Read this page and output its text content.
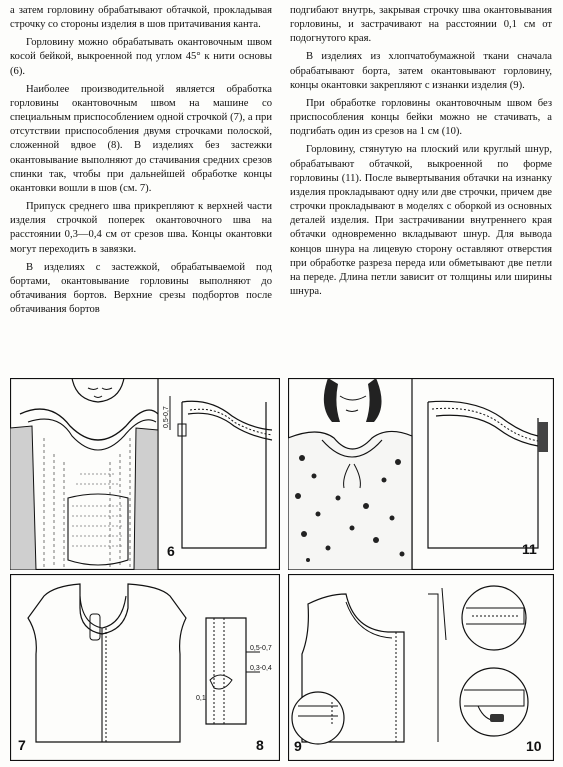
а затем горловину обрабатывают обтачкой, прокладывая строчку со стороны изделия в шов притачивания канта.

Горловину можно обрабатывать окантовочным швом косой бейкой, выкроенной под углом 45° к нити основы (6).

Наиболее производительной является обработка горловины окантовочным швом на машине со специальным приспособлением одной строчкой (7), а при отсутствии приспособления двумя строчками полоской, сложенной вдвое (8). В изделиях без застежки окантовывание выполняют до стачивания средних срезов спинки так, чтобы при дальнейшей обработке концы окантовки вошли в шов (см. 7).

Припуск среднего шва прикрепляют к верхней части изделия строчкой поперек окантовочного шва на расстоянии 0,3—0,4 см от срезов шва. Концы окантовки могут переходить в завязки.

В изделиях с застежкой, обрабатываемой под бортами, окантовывание горловины выполняют до обтачивания бортов. Верхние срезы подбортов после обтачивания бортов

подгибают внутрь, закрывая строчку шва окантовывания горловины, и застрачивают на расстоянии 0,1 см от подогнутого края.

В изделиях из хлопчатобумажной ткани сначала обрабатывают борта, затем окантовывают горловину, концы окантовки закрепляют с изнанки изделия (9).

При обработке горловины окантовочным швом без приспособления концы бейки можно не стачивать, а подгибать один из срезов на 1 см (10).

Горловину, стянутую на плоский или круглый шнур, обрабатывают обтачкой, выкроенной по форме горловины (11). После вывертывания обтачки на изнанку изделия прокладывают одну или две строчки, причем две строчки прокладывают в моделях с оборкой из основных деталей изделия. При застрачивании внутреннего края обтачки одновременно вкладывают шнур. Для вывода концов шнура на лицевую сторону оставляют отверстия при обработке разреза переда или обметывают две петли на переде. Длина петли зависит от толщины или ширины шнура.

0,5-0,7
6	11
0,5-0,7
0,3-0,4
0,1
7	8 9	10
